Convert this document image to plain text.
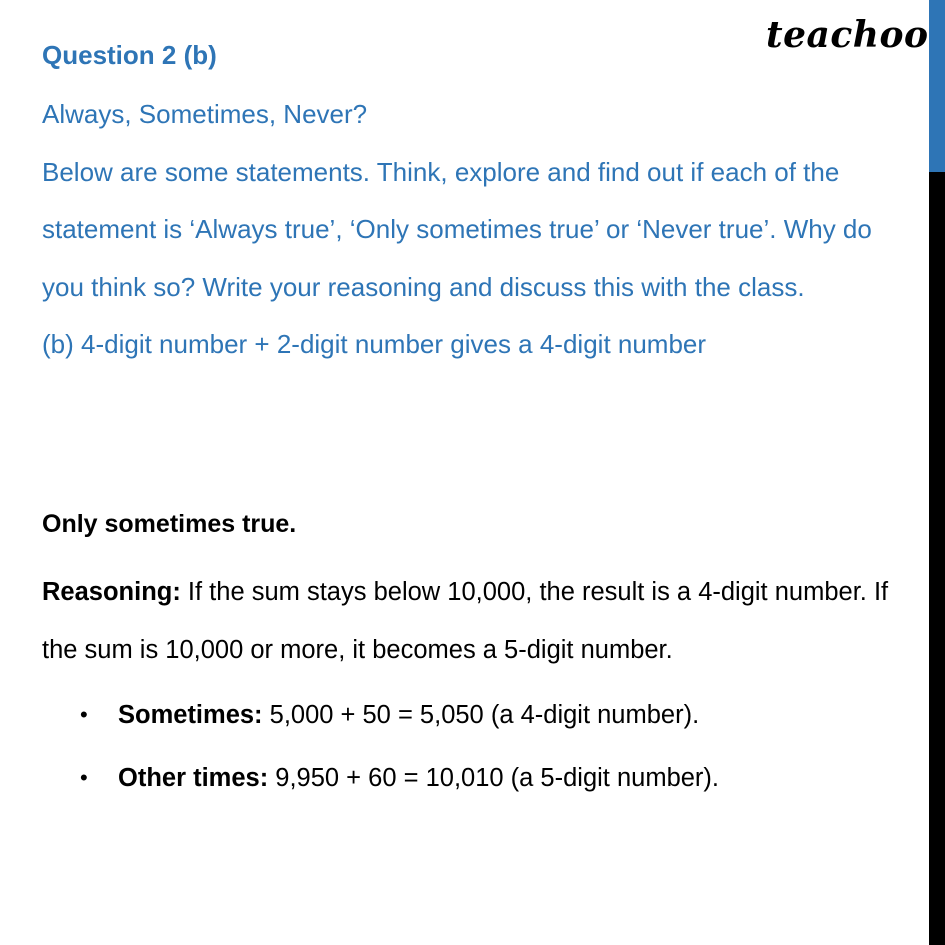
teachoo
Question 2 (b)

Always, Sometimes, Never?

Below are some statements. Think, explore and find out if each of the statement is ‘Always true’, ‘Only sometimes true’ or ‘Never true’. Why do you think so? Write your reasoning and discuss this with the class.

(b) 4-digit number + 2-digit number gives a 4-digit number

Only sometimes true.
Reasoning: If the sum stays below 10,000, the result is a 4-digit number. If the sum is 10,000 or more, it becomes a 5-digit number.
• Sometimes: 5,000 + 50 = 5,050 (a 4-digit number).
• Other times: 9,950 + 60 = 10,010 (a 5-digit number).
